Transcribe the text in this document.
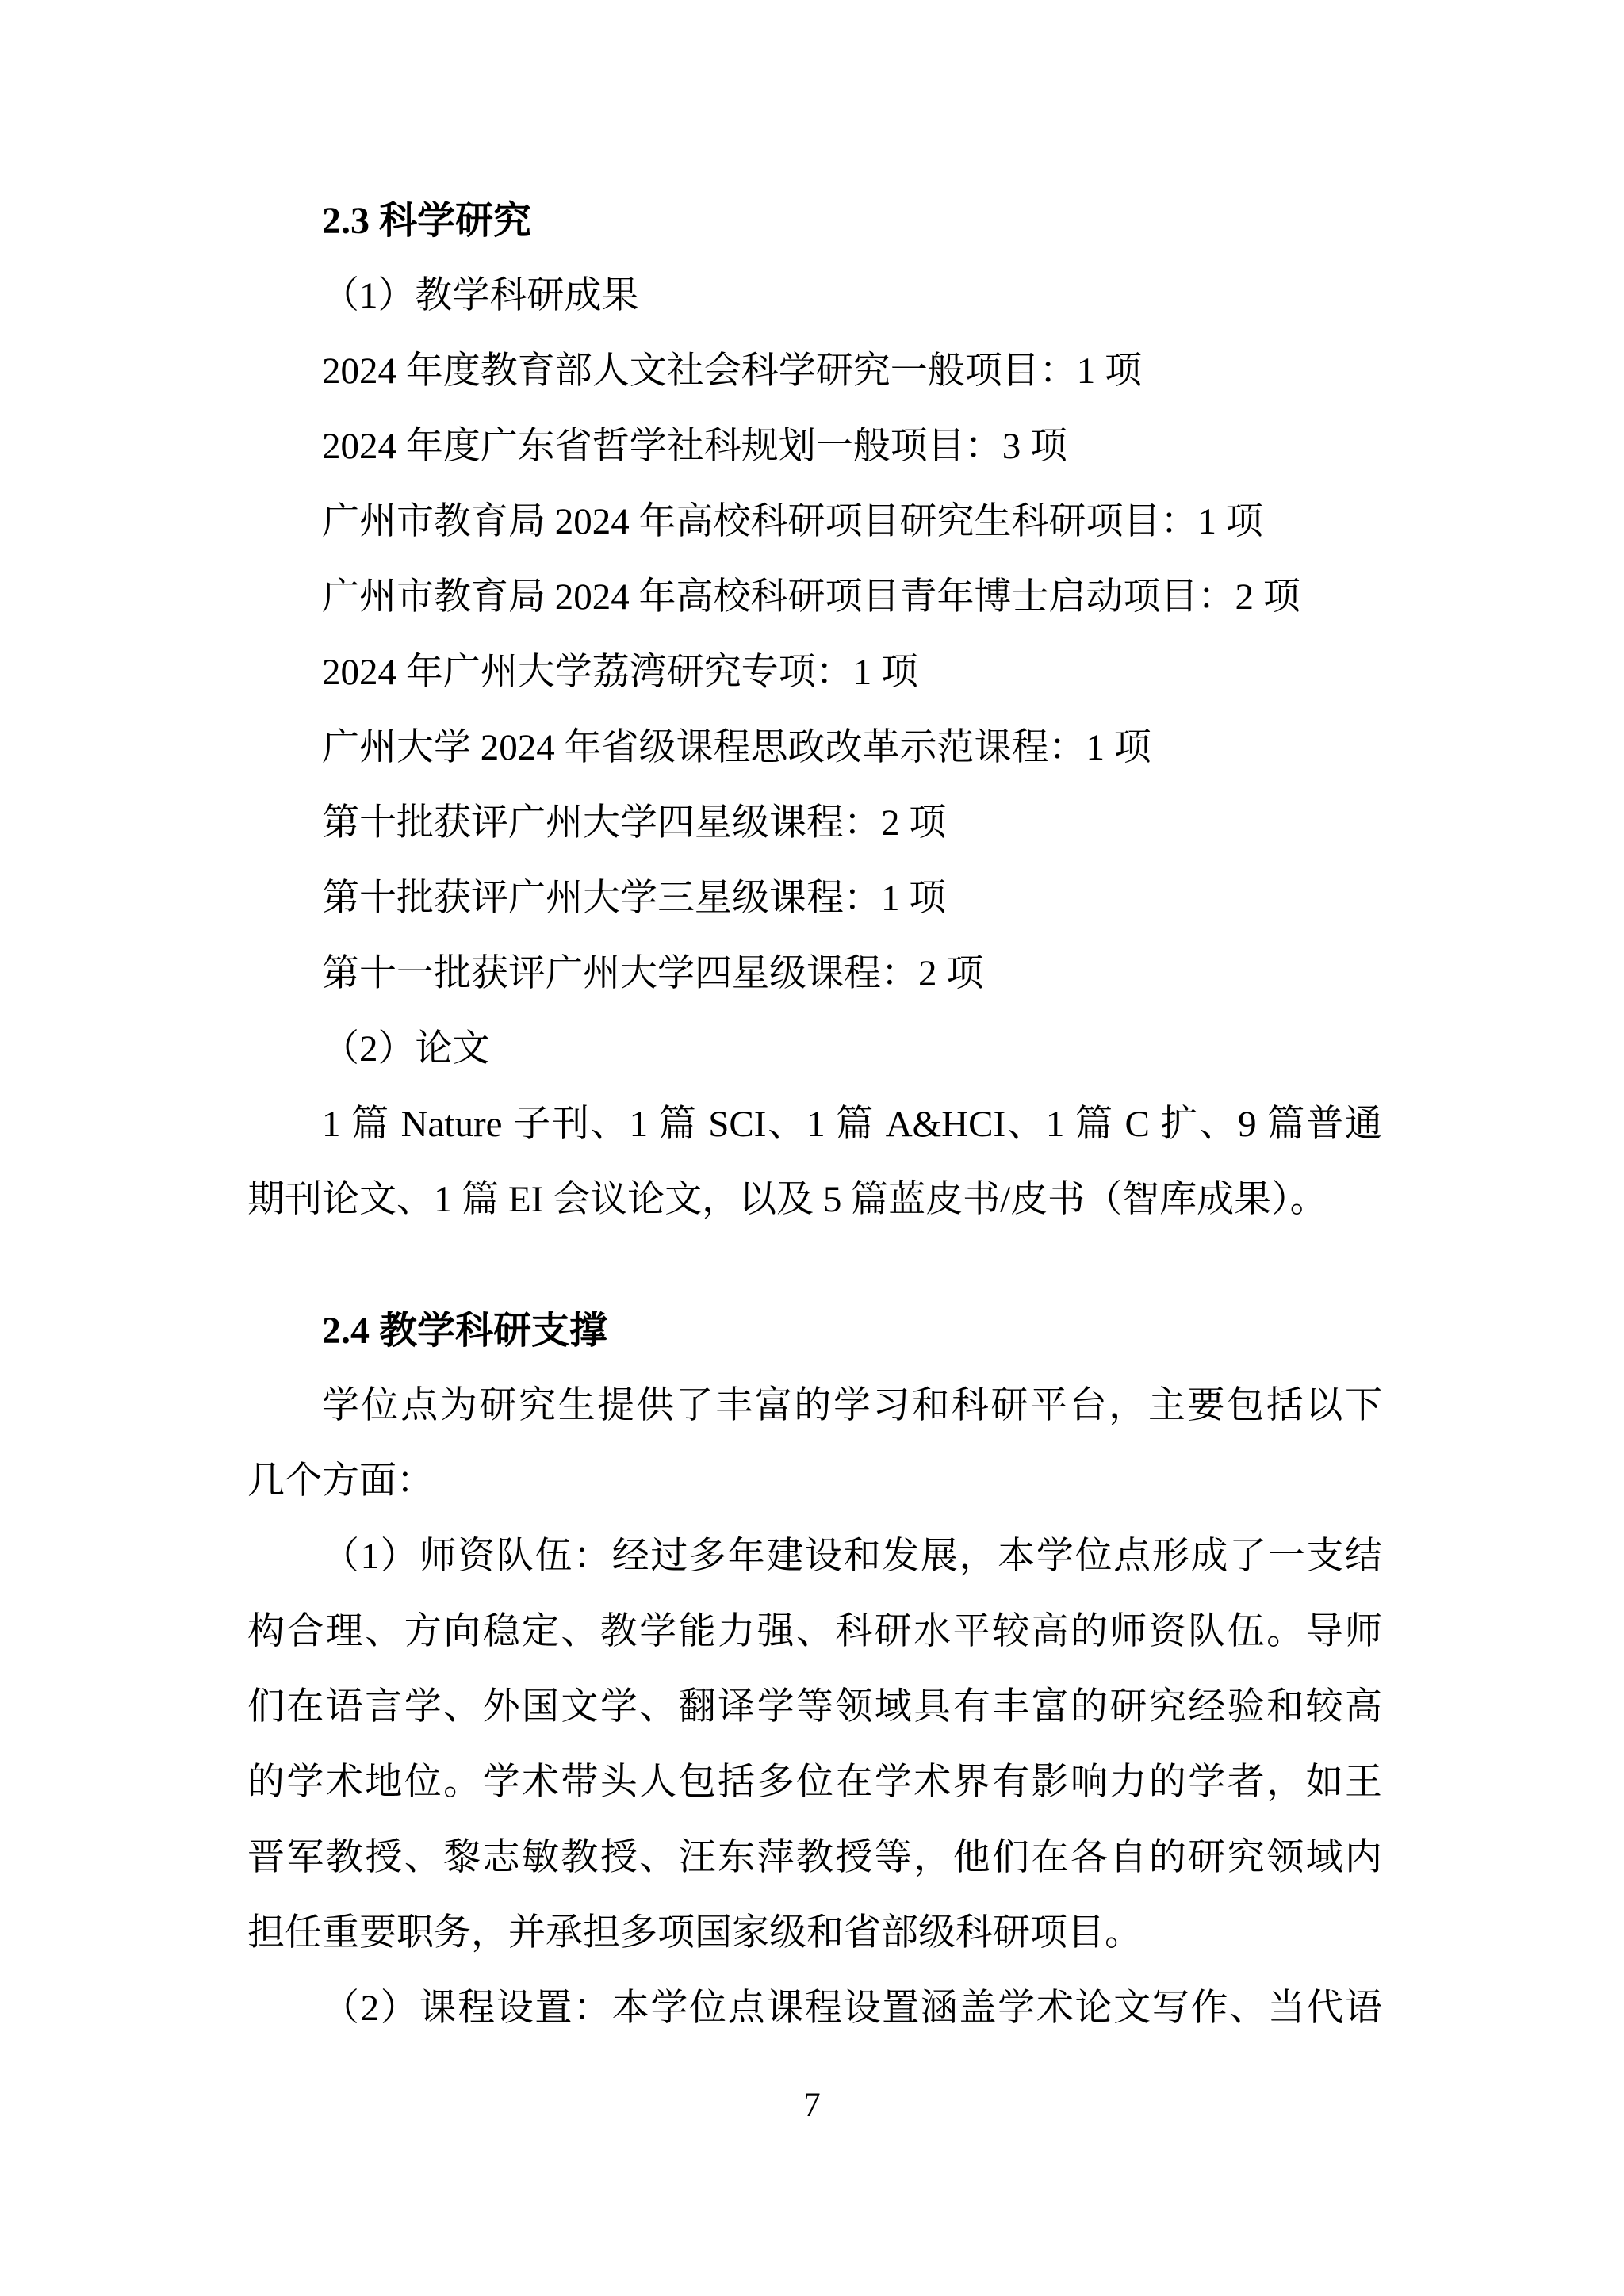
2.3 科学研究
（1）教学科研成果
2024 年度教育部人文社会科学研究一般项目：1 项
2024 年度广东省哲学社科规划一般项目：3 项
广州市教育局 2024 年高校科研项目研究生科研项目：1 项
广州市教育局 2024 年高校科研项目青年博士启动项目：2 项
2024 年广州大学荔湾研究专项：1 项
广州大学 2024 年省级课程思政改革示范课程：1 项
第十批获评广州大学四星级课程：2 项
第十批获评广州大学三星级课程：1 项
第十一批获评广州大学四星级课程：2 项
（2）论文
1 篇 Nature 子刊、1 篇 SCI、1 篇 A&HCI、1 篇 C 扩、9 篇普通
期刊论文、1 篇 EI 会议论文，以及 5 篇蓝皮书/皮书（智库成果）。
2.4 教学科研支撑
学位点为研究生提供了丰富的学习和科研平台，主要包括以下
几个方面：
（1）师资队伍：经过多年建设和发展，本学位点形成了一支结
构合理、方向稳定、教学能力强、科研水平较高的师资队伍。导师
们在语言学、外国文学、翻译学等领域具有丰富的研究经验和较高
的学术地位。学术带头人包括多位在学术界有影响力的学者，如王
晋军教授、黎志敏教授、汪东萍教授等，他们在各自的研究领域内
担任重要职务，并承担多项国家级和省部级科研项目。
（2）课程设置：本学位点课程设置涵盖学术论文写作、当代语
7
